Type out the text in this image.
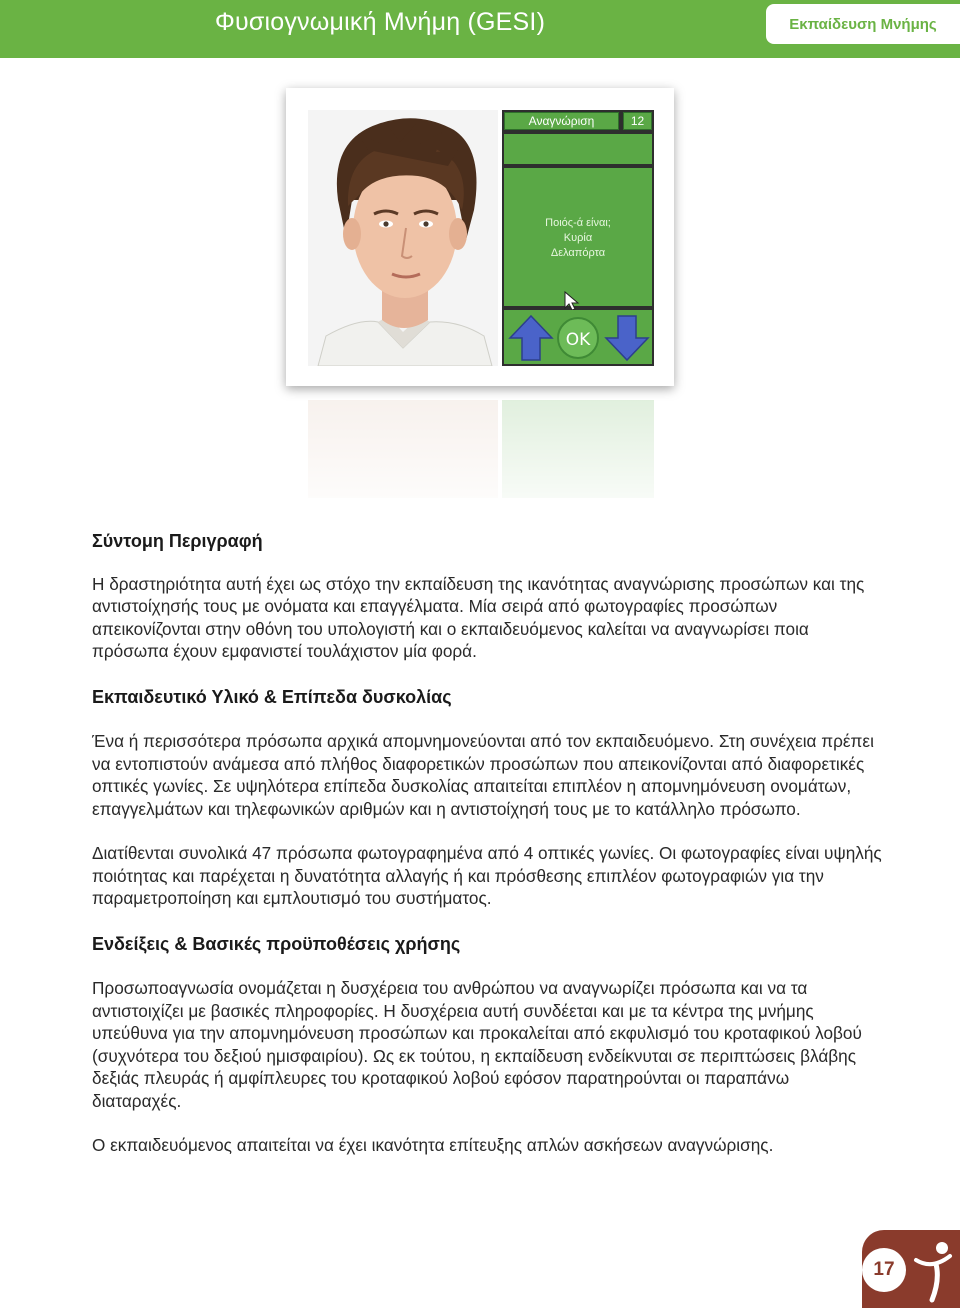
Φυσιογνωμική Μνήμη (GESI)	Εκπαίδευση Μνήμης
Αναγνώριση	12
Ποιός-ά είναι;
Κυρία
Δελαπόρτα
OK
Σύντομη Περιγραφή

Η δραστηριότητα αυτή έχει ως στόχο την εκπαίδευση της ικανότητας αναγνώρισης προσώπων και της αντιστοίχησής τους με ονόματα και επαγγέλματα. Μία σειρά από φωτογραφίες προσώπων απεικονίζονται στην οθόνη του υπολογιστή και ο εκπαιδευόμενος καλείται να αναγνωρίσει ποια πρόσωπα έχουν εμφανιστεί τουλάχιστον μία φορά.

Εκπαιδευτικό Υλικό & Επίπεδα δυσκολίας

Ένα ή περισσότερα πρόσωπα αρχικά απομνημονεύονται από τον εκπαιδευόμενο. Στη συνέχεια πρέπει να εντοπιστούν ανάμεσα από πλήθος διαφορετικών προσώπων που απεικονίζονται από διαφορετικές οπτικές γωνίες. Σε υψηλότερα επίπεδα δυσκολίας απαιτείται επιπλέον η απομνημόνευση ονομάτων, επαγγελμάτων και τηλεφωνικών αριθμών και η αντιστοίχησή τους με το κατάλληλο πρόσωπο.

Διατίθενται συνολικά 47 πρόσωπα φωτογραφημένα από 4 οπτικές γωνίες. Οι φωτογραφίες είναι υψηλής ποιότητας και παρέχεται η δυνατότητα αλλαγής ή και πρόσθεσης επιπλέον φωτογραφιών για την παραμετροποίηση και εμπλουτισμό του συστήματος.

Ενδείξεις & Βασικές προϋποθέσεις χρήσης

Προσωποαγνωσία ονομάζεται η δυσχέρεια του ανθρώπου να αναγνωρίζει πρόσωπα και να τα αντιστοιχίζει με βασικές πληροφορίες. Η δυσχέρεια αυτή συνδέεται και με τα κέντρα της μνήμης υπεύθυνα για την απομνημόνευση προσώπων και προκαλείται από εκφυλισμό του κροταφικού λοβού (συχνότερα του δεξιού ημισφαιρίου). Ως εκ τούτου, η εκπαίδευση ενδείκνυται σε περιπτώσεις βλάβης δεξιάς πλευράς ή αμφίπλευρες του κροταφικού λοβού εφόσον παρατηρούνται οι παραπάνω διαταραχές.

Ο εκπαιδευόμενος απαιτείται να έχει ικανότητα επίτευξης απλών ασκήσεων αναγνώρισης.

17
